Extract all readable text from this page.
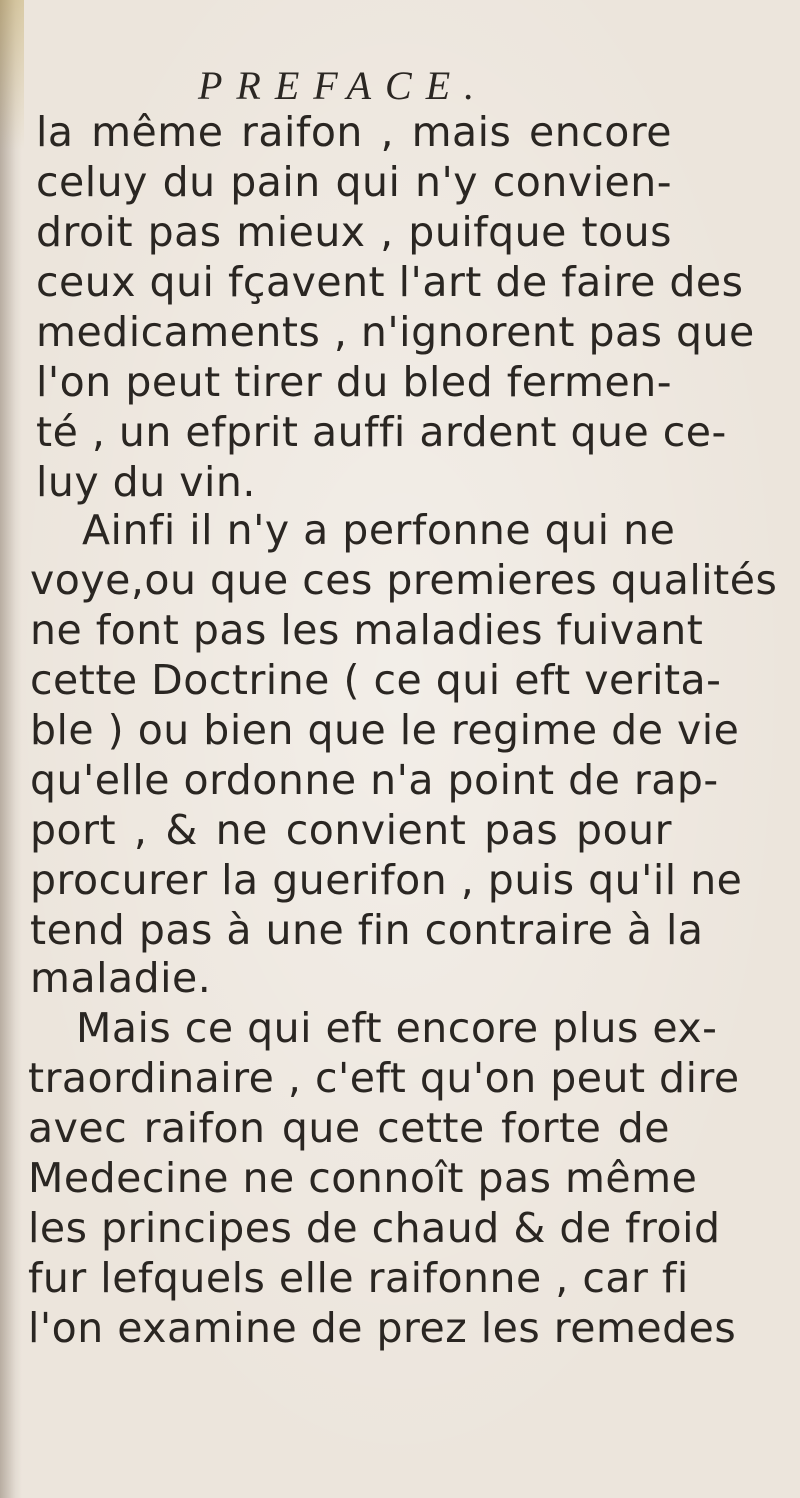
PREFACE.
la même raifon , mais encore
celuy du pain qui n'y convien-
droit pas mieux , puifque tous
ceux qui fçavent l'art de faire des
medicaments , n'ignorent pas que
l'on peut tirer du bled fermen-
té , un efprit auffi ardent que ce-
luy du vin.
Ainfi il n'y a perfonne qui ne
voye,ou que ces premieres qualités
ne font pas les maladies fuivant
cette Doctrine ( ce qui eft verita-
ble ) ou bien que le regime de vie
qu'elle ordonne n'a point de rap-
port , & ne convient pas pour
procurer la guerifon , puis qu'il ne
tend pas à une fin contraire à la
maladie.
Mais ce qui eft encore plus ex-
traordinaire , c'eft qu'on peut dire
avec raifon que cette forte de
Medecine ne connoît pas même
les principes de chaud & de froid
fur lefquels elle raifonne , car fi
l'on examine de prez les remedes
